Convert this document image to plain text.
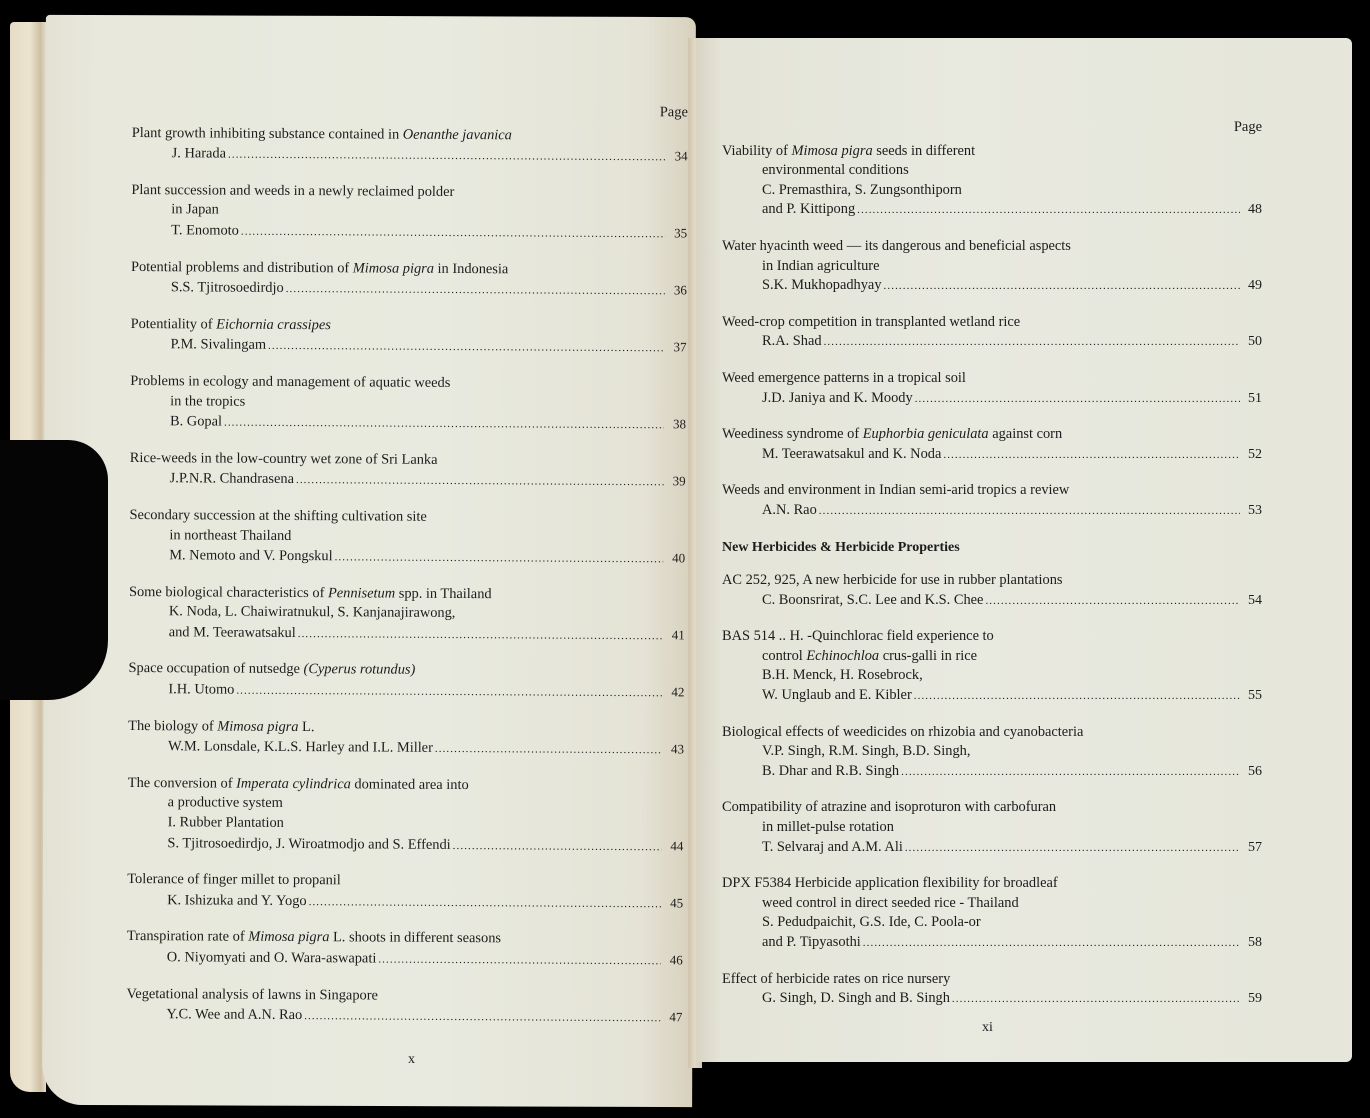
Page
Plant growth inhibiting substance contained in Oenanthe javanica
J. Harada .....	34
Plant succession and weeds in a newly reclaimed polder
in Japan
T. Enomoto .....	35
Potential problems and distribution of Mimosa pigra in Indonesia
S.S. Tjitrosoedirdjo .....	36
Potentiality of Eichornia crassipes
P.M. Sivalingam .....	37
Problems in ecology and management of aquatic weeds
in the tropics
B. Gopal .....	38
Rice-weeds in the low-country wet zone of Sri Lanka
J.P.N.R. Chandrasena .....	39
Secondary succession at the shifting cultivation site
in northeast Thailand
M. Nemoto and V. Pongskul .....	40
Some biological characteristics of Pennisetum spp. in Thailand
K. Noda, L. Chaiwiratnukul, S. Kanjanajirawong,
and M. Teerawatsakul .....	41
Space occupation of nutsedge (Cyperus rotundus)
I.H. Utomo .....	42
The biology of Mimosa pigra L.
W.M. Lonsdale, K.L.S. Harley and I.L. Miller .....	43
The conversion of Imperata cylindrica dominated area into
a productive system
I. Rubber Plantation
S. Tjitrosoedirdjo, J. Wiroatmodjo and S. Effendi .....	44
Tolerance of finger millet to propanil
K. Ishizuka and Y. Yogo .....	45
Transpiration rate of Mimosa pigra L. shoots in different seasons
O. Niyomyati and O. Wara-aswapati .....	46
Vegetational analysis of lawns in Singapore
Y.C. Wee and A.N. Rao .....	47
Page
Viability of Mimosa pigra seeds in different
environmental conditions
C. Premasthira, S. Zungsonthiporn
and P. Kittipong .....	48
Water hyacinth weed — its dangerous and beneficial aspects
in Indian agriculture
S.K. Mukhopadhyay .....	49
Weed-crop competition in transplanted wetland rice
R.A. Shad .....	50
Weed emergence patterns in a tropical soil
J.D. Janiya and K. Moody .....	51
Weediness syndrome of Euphorbia geniculata against corn
M. Teerawatsakul and K. Noda .....	52
Weeds and environment in Indian semi-arid tropics a review
A.N. Rao .....	53
New Herbicides & Herbicide Properties
AC 252, 925, A new herbicide for use in rubber plantations
C. Boonsrirat, S.C. Lee and K.S. Chee .....	54
BAS 514 .. H. -Quinchlorac field experience to
control Echinochloa crus-galli in rice
B.H. Menck, H. Rosebrock,
W. Unglaub and E. Kibler .....	55
Biological effects of weedicides on rhizobia and cyanobacteria
V.P. Singh, R.M. Singh, B.D. Singh,
B. Dhar and R.B. Singh .....	56
Compatibility of atrazine and isoproturon with carbofuran
in millet-pulse rotation
T. Selvaraj and A.M. Ali .....	57
DPX F5384 Herbicide application flexibility for broadleaf
weed control in direct seeded rice - Thailand
S. Pedudpaichit, G.S. Ide, C. Poola-or
and P. Tipyasothi .....	58
Effect of herbicide rates on rice nursery
G. Singh, D. Singh and B. Singh .....	59
x
xi
